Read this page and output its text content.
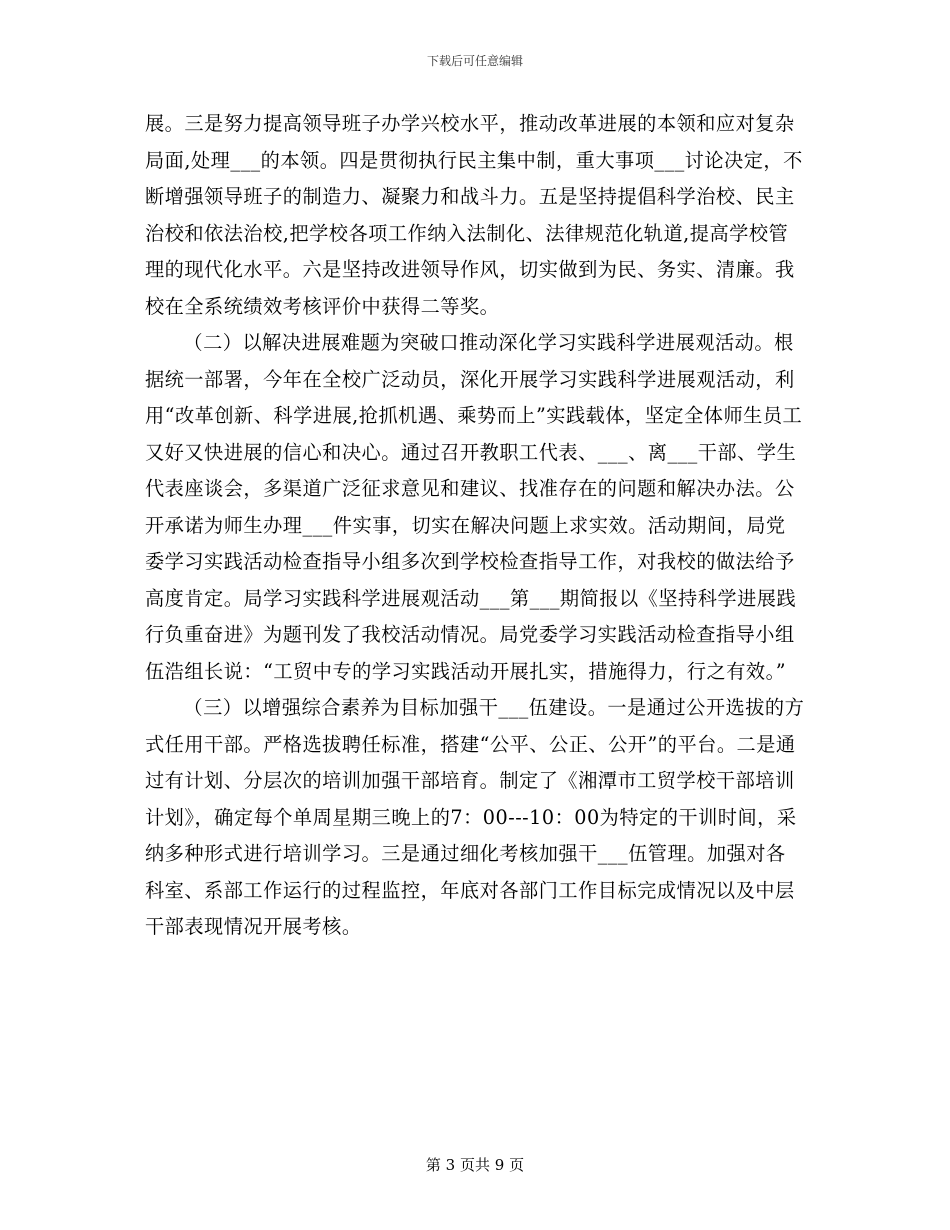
下载后可任意编辑

展。三是努力提高领导班子办学兴校水平，推动改革进展的本领和应对复杂局面,处理___的本领。四是贯彻执行民主集中制，重大事项___讨论决定，不断增强领导班子的制造力、凝聚力和战斗力。五是坚持提倡科学治校、民主治校和依法治校,把学校各项工作纳入法制化、法律规范化轨道,提高学校管理的现代化水平。六是坚持改进领导作风，切实做到为民、务实、清廉。我校在全系统绩效考核评价中获得二等奖。

（二）以解决进展难题为突破口推动深化学习实践科学进展观活动。根据统一部署，今年在全校广泛动员，深化开展学习实践科学进展观活动，利用“改革创新、科学进展,抢抓机遇、乘势而上”实践载体，坚定全体师生员工又好又快进展的信心和决心。通过召开教职工代表、___、离___干部、学生代表座谈会，多渠道广泛征求意见和建议、找准存在的问题和解决办法。公开承诺为师生办理___件实事，切实在解决问题上求实效。活动期间，局党委学习实践活动检查指导小组多次到学校检查指导工作，对我校的做法给予高度肯定。局学习实践科学进展观活动___第___期简报以《坚持科学进展践行负重奋进》为题刊发了我校活动情况。局党委学习实践活动检查指导小组伍浩组长说：“工贸中专的学习实践活动开展扎实，措施得力，行之有效。”

（三）以增强综合素养为目标加强干___伍建设。一是通过公开选拔的方式任用干部。严格选拔聘任标准，搭建“公平、公正、公开”的平台。二是通过有计划、分层次的培训加强干部培育。制定了《湘潭市工贸学校干部培训计划》，确定每个单周星期三晚上的7：00---10：00为特定的干训时间，采纳多种形式进行培训学习。三是通过细化考核加强干___伍管理。加强对各科室、系部工作运行的过程监控，年底对各部门工作目标完成情况以及中层干部表现情况开展考核。

第 3 页共 9 页
